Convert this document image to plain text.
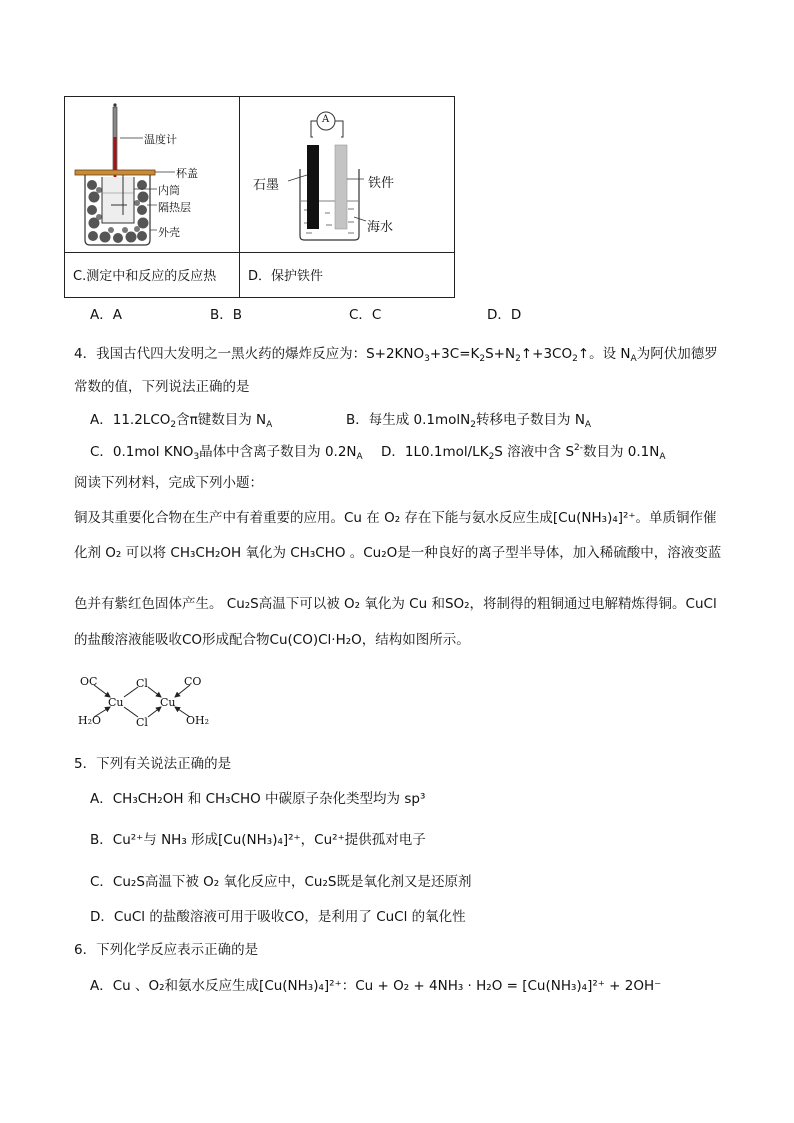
温度计
杯盖
内筒
隔热层
外壳
A
石墨	铁件
海水
C.测定中和反应的反应热 D．保护铁件
A．A	B．B	C．C	D．D
4．我国古代四大发明之一黑火药的爆炸反应为：$S+2KNO_3+3C=K_2S+N_2↑+3CO_2↑$。设 $N_A$为阿伏加德罗
常数的值，下列说法正确的是
A．$11.2LCO_2$含π键数目为 $N_A$	B．每生成 0.1molN$_2$转移电子数目为 $N_A$
C．0.1mol $KNO_3$晶体中含离子数目为 $0.2N_A$ D．$1L0.1mol/LK_2S$ 溶液中含 $S^{2-}$数目为 $0.1N_A$
阅读下列材料，完成下列小题：
铜及其重要化合物在生产中有着重要的应用。Cu 在 O₂ 存在下能与氨水反应生成[Cu(NH₃)₄]²⁺。单质铜作催
化剂 O₂ 可以将 CH₃CH₂OH 氧化为 CH₃CHO 。Cu₂O是一种良好的离子型半导体，加入稀硫酸中，溶液变蓝
色并有紫红色固体产生。 Cu₂S高温下可以被 O₂ 氧化为 Cu 和SO₂，将制得的粗铜通过电解精炼得铜。CuCl
的盐酸溶液能吸收CO形成配合物Cu(CO)Cl·H₂O，结构如图所示。
OC	Cl	CO
Cu	Cu
H₂O	Cl	OH₂
5．下列有关说法正确的是
A．CH₃CH₂OH 和 CH₃CHO 中碳原子杂化类型均为 sp³
B．Cu²⁺与 NH₃ 形成[Cu(NH₃)₄]²⁺，Cu²⁺提供孤对电子
C．Cu₂S高温下被 O₂ 氧化反应中，Cu₂S既是氧化剂又是还原剂
D．CuCl 的盐酸溶液可用于吸收CO，是利用了 CuCl 的氧化性
6．下列化学反应表示正确的是
A．Cu 、O₂和氨水反应生成[Cu(NH₃)₄]²⁺：Cu + O₂ + 4NH₃ · H₂O = [Cu(NH₃)₄]²⁺ + 2OH⁻
